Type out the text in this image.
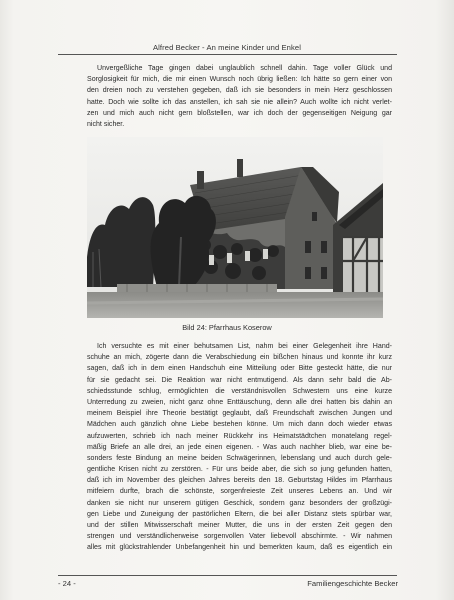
Alfred Becker - An meine Kinder und Enkel
Unvergeßliche Tage gingen dabei unglaublich schnell dahin. Tage voller Glück und
Sorglosigkeit für mich, die mir einen Wunsch noch übrig ließen: Ich hätte so gern einer von
den dreien noch zu verstehen gegeben, daß ich sie besonders in mein Herz geschlossen
hatte. Doch wie sollte ich das anstellen, ich sah sie nie allein? Auch wollte ich nicht verlet-
zen und mich auch nicht gern bloßstellen, war ich doch der gegenseitigen Neigung gar
nicht sicher.
Bild 24: Pfarrhaus Koserow
Ich versuchte es mit einer behutsamen List, nahm bei einer Gelegenheit ihre Hand-
schuhe an mich, zögerte dann die Verabschiedung ein bißchen hinaus und konnte ihr kurz
sagen, daß ich in dem einen Handschuh eine Mitteilung oder Bitte gesteckt hätte, die nur
für sie gedacht sei. Die Reaktion war nicht entmutigend. Als dann sehr bald die Ab-
schiedsstunde schlug, ermöglichten die verständnisvollen Schwestern uns eine kurze
Unterredung zu zweien, nicht ganz ohne Enttäuschung, denn alle drei hatten bis dahin an
meinem Beispiel ihre Theorie bestätigt geglaubt, daß Freundschaft zwischen Jungen und
Mädchen auch gänzlich ohne Liebe bestehen könne. Um mich dann doch wieder etwas
aufzuwerten, schrieb ich nach meiner Rückkehr ins Heimatstädtchen monatelang regel-
mäßig Briefe an alle drei, an jede einen eigenen. - Was auch nachher blieb, war eine be-
sonders feste Bindung an meine beiden Schwägerinnen, lebenslang und auch durch gele-
gentliche Krisen nicht zu zerstören. - Für uns beide aber, die sich so jung gefunden hatten,
daß ich im November des gleichen Jahres bereits den 18. Geburtstag Hildes im Pfarrhaus
mitfeiern durfte, brach die schönste, sorgenfreieste Zeit unseres Lebens an. Und wir
danken sie nicht nur unserem gütigen Geschick, sondern ganz besonders der großzügi-
gen Liebe und Zuneigung der pastörlichen Eltern, die bei aller Distanz stets spürbar war,
und der stillen Mitwisserschaft meiner Mutter, die uns in der ersten Zeit gegen den
strengen und verständlicherweise sorgenvollen Vater liebevoll abschirmte. - Wir nahmen
alles mit glückstrahlender Unbefangenheit hin und bemerkten kaum, daß es eigentlich ein
- 24 -	Familiengeschichte Becker
